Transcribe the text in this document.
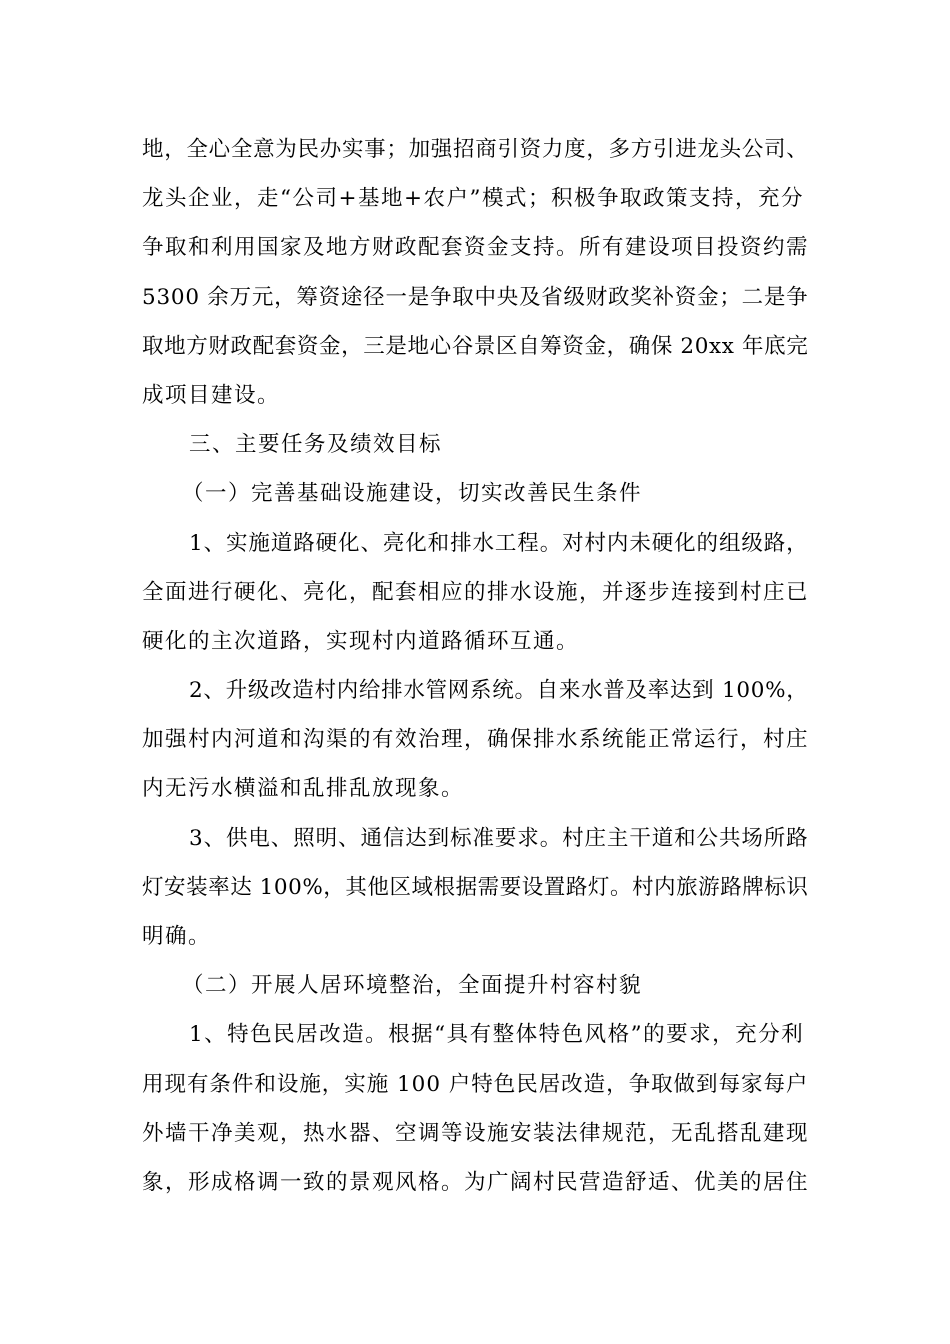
地，全心全意为民办实事；加强招商引资力度，多方引进龙头公司、
龙头企业，走“公司+基地+农户”模式；积极争取政策支持，充分
争取和利用国家及地方财政配套资金支持。所有建设项目投资约需
5300 余万元，筹资途径一是争取中央及省级财政奖补资金；二是争
取地方财政配套资金，三是地心谷景区自筹资金，确保 20xx 年底完
成项目建设。
三、主要任务及绩效目标
（一）完善基础设施建设，切实改善民生条件
1、实施道路硬化、亮化和排水工程。对村内未硬化的组级路，
全面进行硬化、亮化，配套相应的排水设施，并逐步连接到村庄已
硬化的主次道路，实现村内道路循环互通。
2、升级改造村内给排水管网系统。自来水普及率达到 100%，
加强村内河道和沟渠的有效治理，确保排水系统能正常运行，村庄
内无污水横溢和乱排乱放现象。
3、供电、照明、通信达到标准要求。村庄主干道和公共场所路
灯安装率达 100%，其他区域根据需要设置路灯。村内旅游路牌标识
明确。
（二）开展人居环境整治，全面提升村容村貌
1、特色民居改造。根据“具有整体特色风格”的要求，充分利
用现有条件和设施，实施 100 户特色民居改造，争取做到每家每户
外墙干净美观，热水器、空调等设施安装法律规范，无乱搭乱建现
象，形成格调一致的景观风格。为广阔村民营造舒适、优美的居住
